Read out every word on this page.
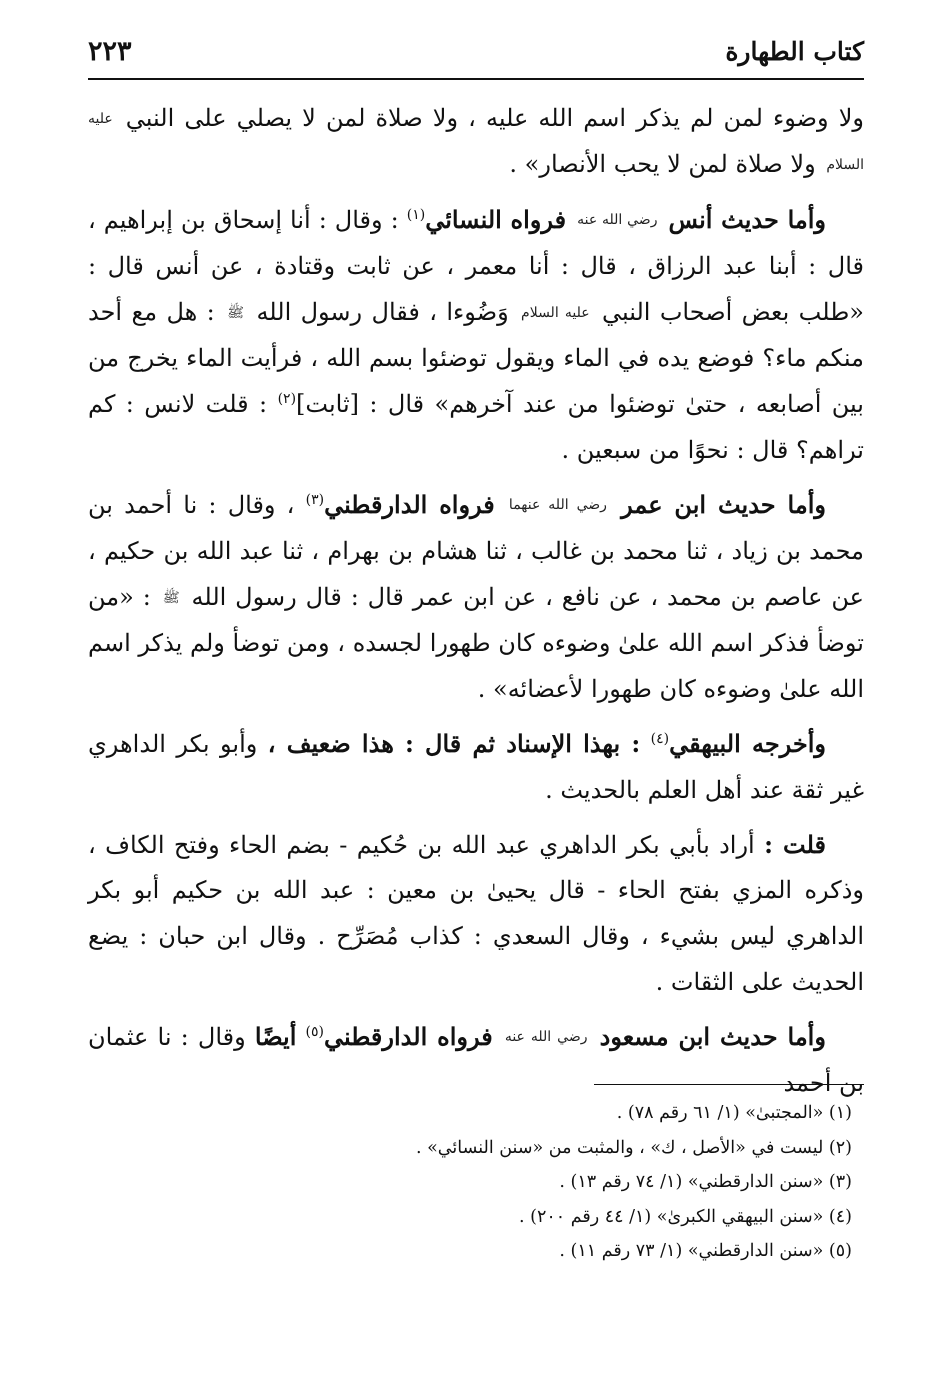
كتاب الطهارة
٢٢٣

ولا وضوء لمن لم يذكر اسم الله عليه ، ولا صلاة لمن لا يصلي على النبي عليه السلام ولا صلاة لمن لا يحب الأنصار» .

وأما حديث أنس رضي الله عنه فرواه النسائي$^{(١)}$ : وقال : أنا إسحاق بن إبراهيم ، قال : أبنا عبد الرزاق ، قال : أنا معمر ، عن ثابت وقتادة ، عن أنس قال : «طلب بعض أصحاب النبي عليه السلام وَضُوءا ، فقال رسول الله ﷺ : هل مع أحد منكم ماء؟ فوضع يده في الماء ويقول توضئوا بسم الله ، فرأيت الماء يخرج من بين أصابعه ، حتىٰ توضئوا من عند آخرهم» قال : [ثابت]$^{(٢)}$ : قلت لانس : كم تراهم؟ قال : نحوًا من سبعين .

وأما حديث ابن عمر رضي الله عنهما فرواه الدارقطني$^{(٣)}$ ، وقال : نا أحمد بن محمد بن زياد ، ثنا محمد بن غالب ، ثنا هشام بن بهرام ، ثنا عبد الله بن حكيم ، عن عاصم بن محمد ، عن نافع ، عن ابن عمر قال : قال رسول الله ﷺ : «من توضأ فذكر اسم الله علىٰ وضوءه كان طهورا لجسده ، ومن توضأ ولم يذكر اسم الله علىٰ وضوءه كان طهورا لأعضائه» .

وأخرجه البيهقي$^{(٤)}$ : بهذا الإسناد ثم قال : هذا ضعيف ، وأبو بكر الداهري غير ثقة عند أهل العلم بالحديث .

قلت : أراد بأبي بكر الداهري عبد الله بن حُكيم - بضم الحاء وفتح الكاف ، وذكره المزي بفتح الحاء - قال يحيىٰ بن معين : عبد الله بن حكيم أبو بكر الداهري ليس بشيء ، وقال السعدي : كذاب مُصَرِّح . وقال ابن حبان : يضع الحديث على الثقات .

وأما حديث ابن مسعود رضي الله عنه فرواه الدارقطني$^{(٥)}$ أيضًا وقال : نا عثمان بن أحمد

(١) «المجتبىٰ» (١/ ٦١ رقم ٧٨) .

(٢) ليست في «الأصل ، ك» ، والمثبت من «سنن النسائي» .

(٣) «سنن الدارقطني» (١/ ٧٤ رقم ١٣) .

(٤) «سنن البيهقي الكبرىٰ» (١/ ٤٤ رقم ٢٠٠) .

(٥) «سنن الدارقطني» (١/ ٧٣ رقم ١١) .
